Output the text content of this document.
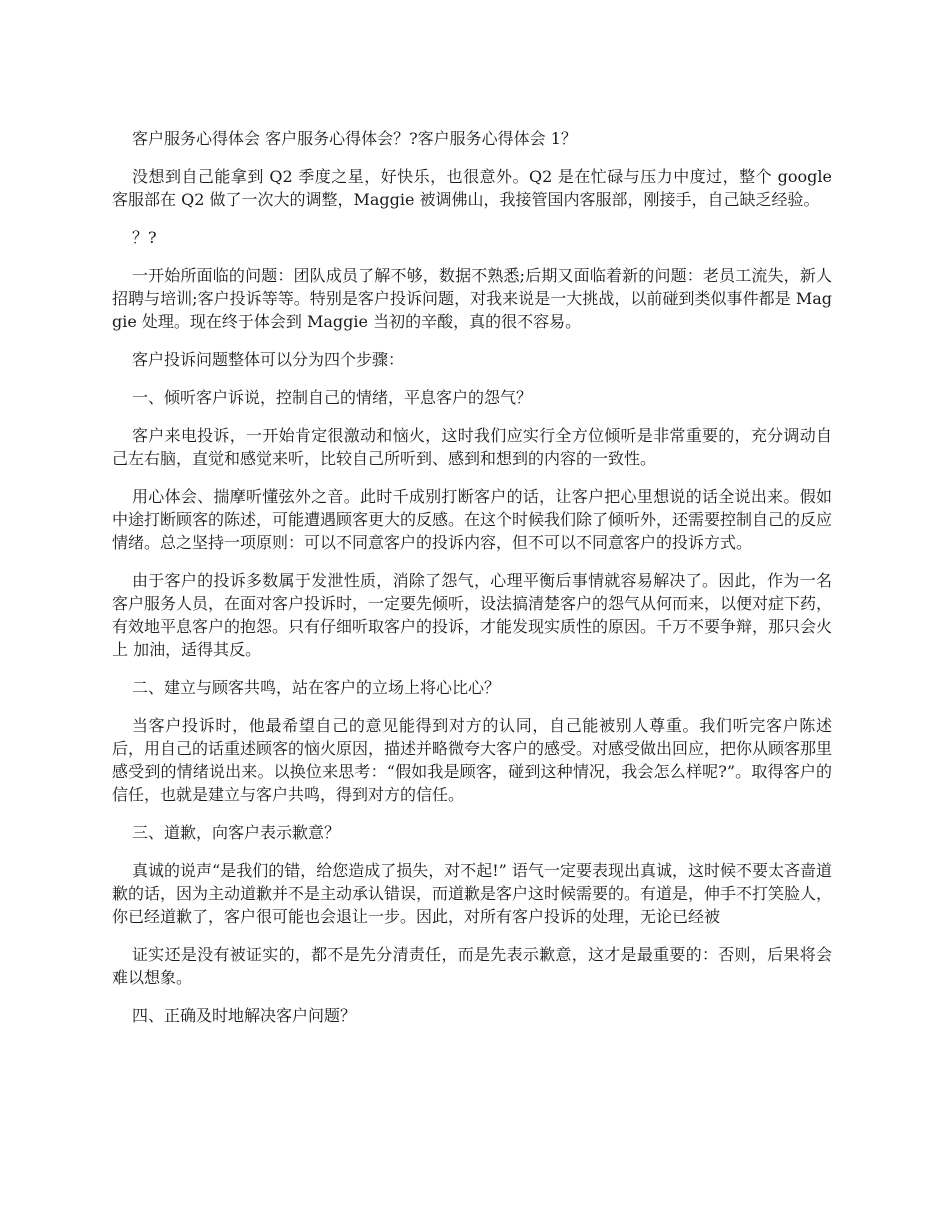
客户服务心得体会 客户服务心得体会？?客户服务心得体会 1？

没想到自己能拿到 Q2 季度之星，好快乐，也很意外。Q2 是在忙碌与压力中度过，整个 google 客服部在 Q2 做了一次大的调整，Maggie 被调佛山，我接管国内客服部，刚接手，自己缺乏经验。

？?

一开始所面临的问题：团队成员了解不够，数据不熟悉;后期又面临着新的问题：老员工流失，新人招聘与培训;客户投诉等等。特别是客户投诉问题，对我来说是一大挑战，以前碰到类似事件都是 Maggie 处理。现在终于体会到 Maggie 当初的辛酸，真的很不容易。

客户投诉问题整体可以分为四个步骤：

一、倾听客户诉说，控制自己的情绪，平息客户的怨气？

客户来电投诉，一开始肯定很激动和恼火，这时我们应实行全方位倾听是非常重要的，充分调动自己左右脑，直觉和感觉来听，比较自己所听到、感到和想到的内容的一致性。

用心体会、揣摩听懂弦外之音。此时千成别打断客户的话，让客户把心里想说的话全说出来。假如中途打断顾客的陈述，可能遭遇顾客更大的反感。在这个时候我们除了倾听外，还需要控制自己的反应情绪。总之坚持一项原则：可以不同意客户的投诉内容，但不可以不同意客户的投诉方式。

由于客户的投诉多数属于发泄性质，消除了怨气，心理平衡后事情就容易解决了。因此，作为一名客户服务人员，在面对客户投诉时，一定要先倾听，设法搞清楚客户的怨气从何而来，以便对症下药，有效地平息客户的抱怨。只有仔细听取客户的投诉，才能发现实质性的原因。千万不要争辩，那只会火上 加油，适得其反。

二、建立与顾客共鸣，站在客户的立场上将心比心？

当客户投诉时，他最希望自己的意见能得到对方的认同，自己能被别人尊重。我们听完客户陈述后，用自己的话重述顾客的恼火原因，描述并略微夸大客户的感受。对感受做出回应，把你从顾客那里感受到的情绪说出来。以换位来思考：“假如我是顾客，碰到这种情况，我会怎么样呢?”。取得客户的信任，也就是建立与客户共鸣，得到对方的信任。

三、道歉，向客户表示歉意？

真诚的说声“是我们的错，给您造成了损失，对不起!” 语气一定要表现出真诚，这时候不要太吝啬道歉的话，因为主动道歉并不是主动承认错误，而道歉是客户这时候需要的。有道是，伸手不打笑脸人，你已经道歉了，客户很可能也会退让一步。因此，对所有客户投诉的处理，无论已经被

证实还是没有被证实的，都不是先分清责任，而是先表示歉意，这才是最重要的：否则，后果将会难以想象。

四、正确及时地解决客户问题？
